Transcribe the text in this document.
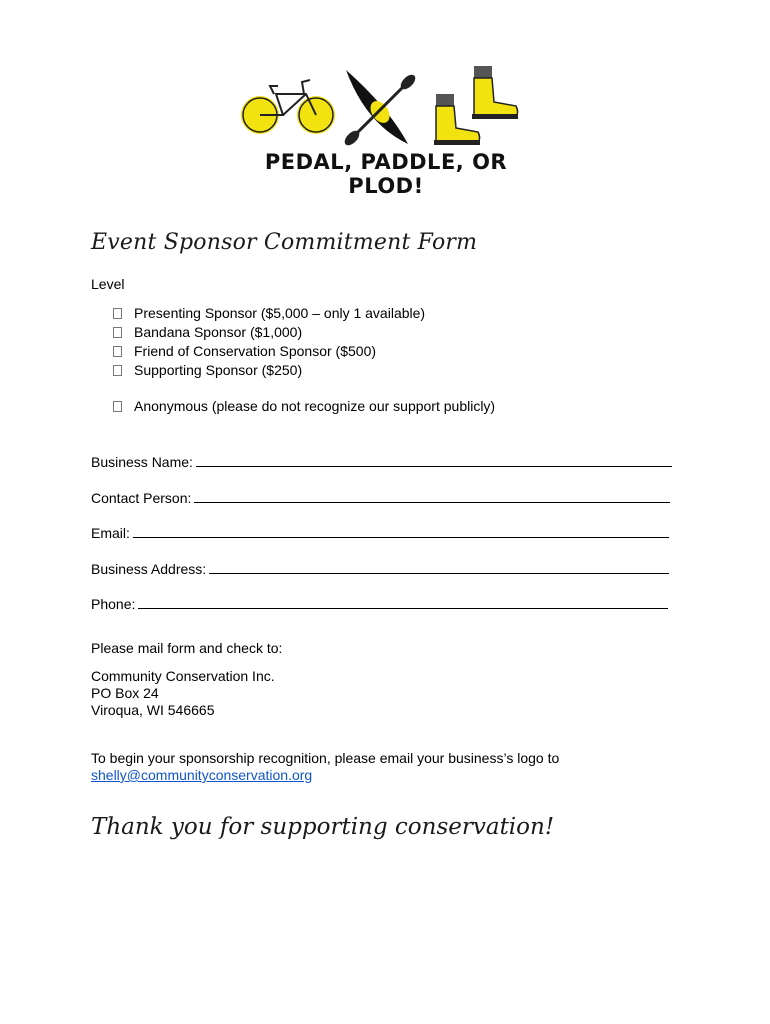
PEDAL, PADDLE, OR PLOD!
Event Sponsor Commitment Form
Level
Presenting Sponsor ($5,000 – only 1 available)
Bandana Sponsor ($1,000)
Friend of Conservation Sponsor ($500)
Supporting Sponsor ($250)
Anonymous (please do not recognize our support publicly)
Business Name:
Contact Person:
Email:
Business Address:
Phone:
Please mail form and check to:
Community Conservation Inc.
PO Box 24
Viroqua, WI 546665
To begin your sponsorship recognition, please email your business’s logo to
shelly@communityconservation.org
Thank you for supporting conservation!
